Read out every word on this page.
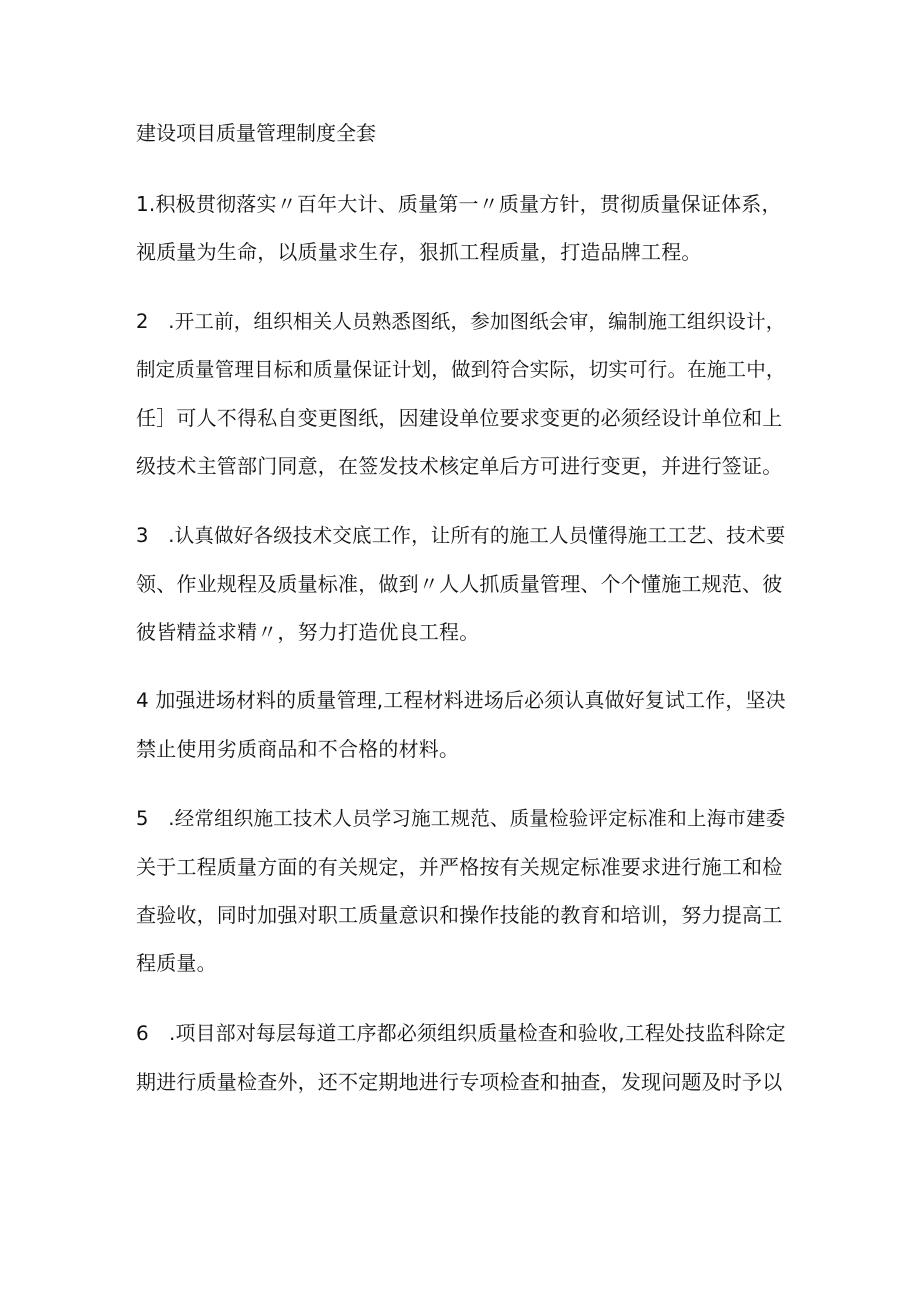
建设项目质量管理制度全套
1.积极贯彻落实〃百年大计、质量第一〃质量方针，贯彻质量保证体系，
视质量为生命，以质量求生存，狠抓工程质量，打造品牌工程。
2　.开工前，组织相关人员熟悉图纸，参加图纸会审，编制施工组织设计，
制定质量管理目标和质量保证计划，做到符合实际，切实可行。在施工中，
任］可人不得私自变更图纸，因建设单位要求变更的必须经设计单位和上
级技术主管部门同意，在签发技术核定单后方可进行变更，并进行签证。
3　.认真做好各级技术交底工作，让所有的施工人员懂得施工工艺、技术要
领、作业规程及质量标准，做到〃人人抓质量管理、个个懂施工规范、彼
彼皆精益求精〃，努力打造优良工程。
4 加强进场材料的质量管理,工程材料进场后必须认真做好复试工作，坚决
禁止使用劣质商品和不合格的材料。
5　.经常组织施工技术人员学习施工规范、质量检验评定标准和上海市建委
关于工程质量方面的有关规定，并严格按有关规定标准要求进行施工和检
查验收，同时加强对职工质量意识和操作技能的教育和培训，努力提高工
程质量。
6　.项目部对每层每道工序都必须组织质量检查和验收,工程处技监科除定
期进行质量检查外，还不定期地进行专项检查和抽查，发现问题及时予以
